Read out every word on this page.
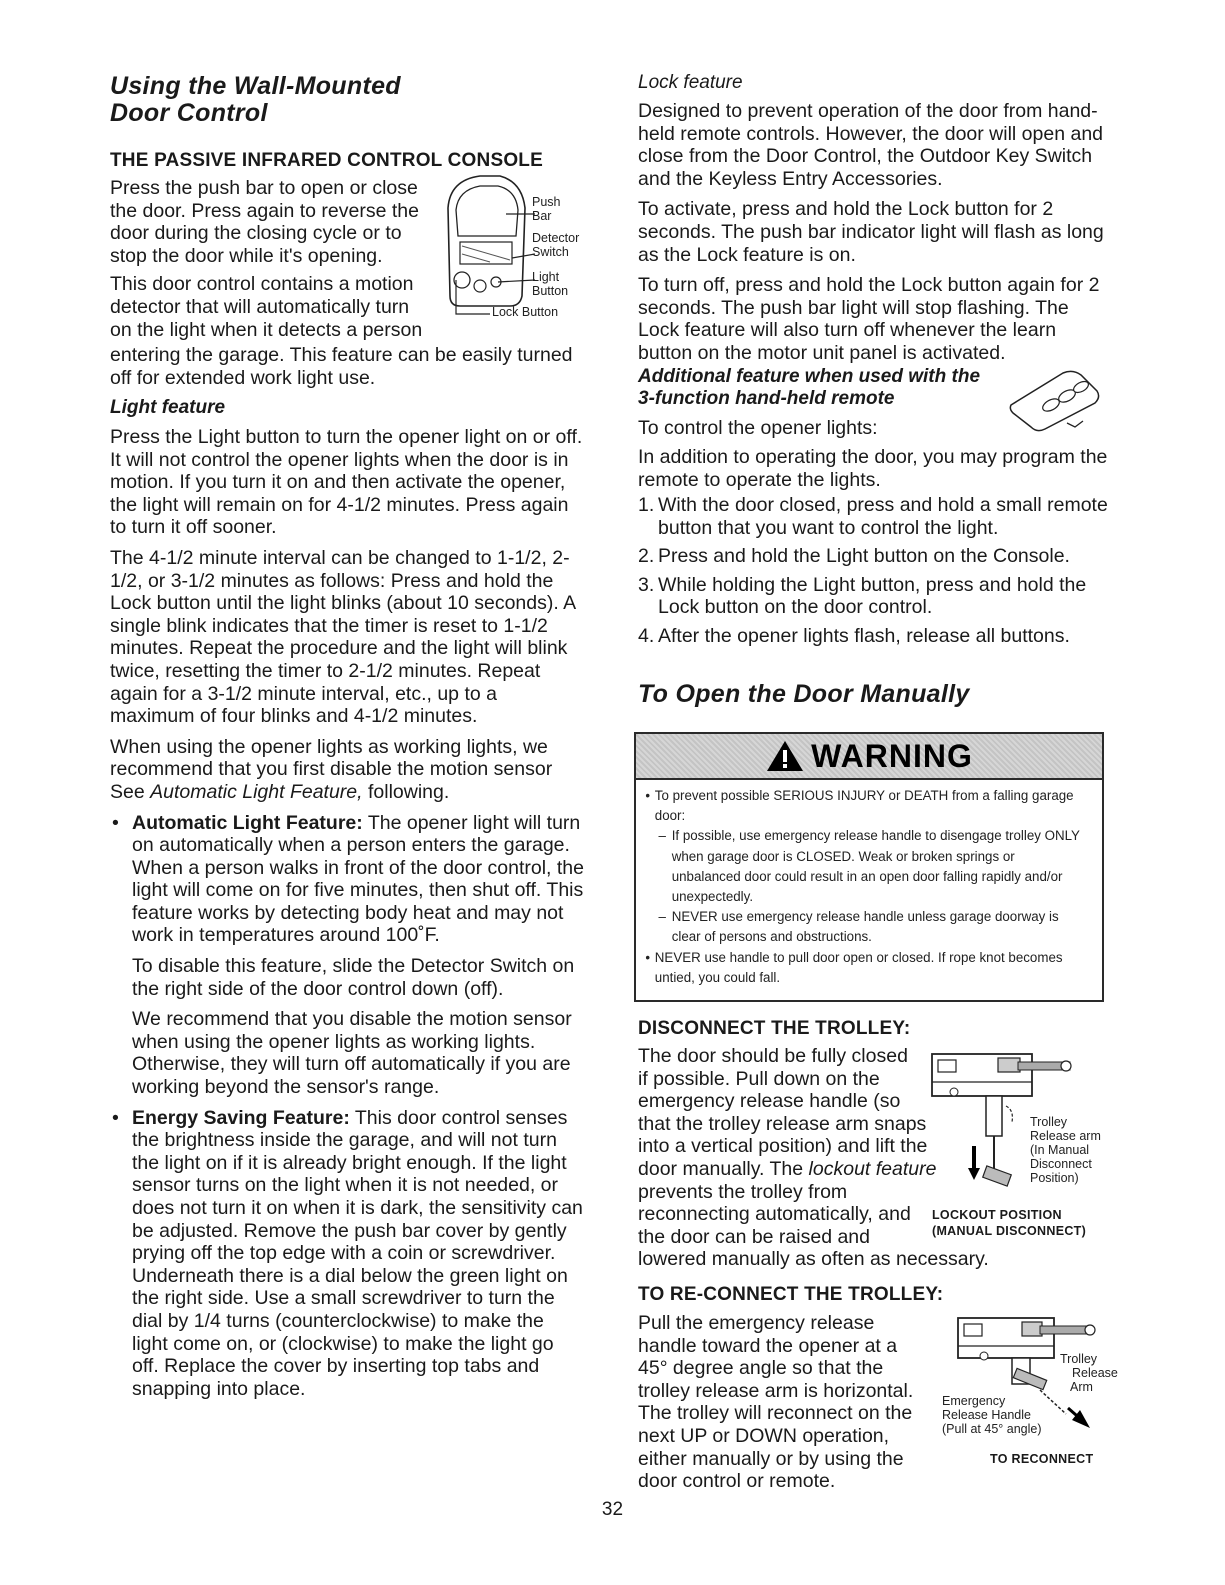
Using the Wall-Mounted
Door Control
THE PASSIVE INFRARED CONTROL CONSOLE
Press the push bar to open or close
the door. Press again to reverse the
door during the closing cycle or to
stop the door while it's opening.
This door control contains a motion
detector that will automatically turn
on the light when it detects a person
Push
Bar
Detector
Switch
Light
Button
Lock Button
entering the garage. This feature can be easily turned off for extended work light use.
Light feature

Press the Light button to turn the opener light on or off. It will not control the opener lights when the door is in motion. If you turn it on and then activate the opener, the light will remain on for 4-1/2 minutes. Press again to turn it off sooner.

The 4-1/2 minute interval can be changed to 1-1/2, 2-1/2, or 3-1/2 minutes as follows: Press and hold the Lock button until the light blinks (about 10 seconds). A single blink indicates that the timer is reset to 1-1/2 minutes. Repeat the procedure and the light will blink twice, resetting the timer to 2-1/2 minutes. Repeat again for a 3-1/2 minute interval, etc., up to a maximum of four blinks and 4-1/2 minutes.

When using the opener lights as working lights, we recommend that you first disable the motion sensor See Automatic Light Feature, following.

• Automatic Light Feature: The opener light will turn on automatically when a person enters the garage. When a person walks in front of the door control, the light will come on for five minutes, then shut off. This feature works by detecting body heat and may not work in temperatures around 100˚F.

To disable this feature, slide the Detector Switch on the right side of the door control down (off).

We recommend that you disable the motion sensor when using the opener lights as working lights. Otherwise, they will turn off automatically if you are working beyond the sensor's range.

• Energy Saving Feature: This door control senses the brightness inside the garage, and will not turn the light on if it is already bright enough. If the light sensor turns on the light when it is not needed, or does not turn it on when it is dark, the sensitivity can be adjusted. Remove the push bar cover by gently prying off the top edge with a coin or screwdriver. Underneath there is a dial below the green light on the right side. Use a small screwdriver to turn the dial by 1/4 turns (counterclockwise) to make the light come on, or (clockwise) to make the light go off. Replace the cover by inserting top tabs and snapping into place.
Lock feature

Designed to prevent operation of the door from hand-held remote controls. However, the door will open and close from the Door Control, the Outdoor Key Switch and the Keyless Entry Accessories.

To activate, press and hold the Lock button for 2 seconds. The push bar indicator light will flash as long as the Lock feature is on.

To turn off, press and hold the Lock button again for 2 seconds. The push bar light will stop flashing. The Lock feature will also turn off whenever the learn button on the motor unit panel is activated.

Additional feature when used with the
3-function hand-held remote
To control the opener lights:
In addition to operating the door, you may program the remote to operate the lights.
1. With the door closed, press and hold a small remote button that you want to control the light.
2. Press and hold the Light button on the Console.
3. While holding the Light button, press and hold the Lock button on the door control.
4. After the opener lights flash, release all buttons.
To Open the Door Manually
WARNING
• To prevent possible SERIOUS INJURY or DEATH from a falling garage door:
– If possible, use emergency release handle to disengage trolley ONLY when garage door is CLOSED. Weak or broken springs or unbalanced door could result in an open door falling rapidly and/or unexpectedly.
– NEVER use emergency release handle unless garage doorway is clear of persons and obstructions.
• NEVER use handle to pull door open or closed. If rope knot becomes untied, you could fall.
DISCONNECT THE TROLLEY:
The door should be fully closed
if possible. Pull down on the
emergency release handle (so
that the trolley release arm snaps
into a vertical position) and lift the
door manually. The lockout feature
prevents the trolley from
reconnecting automatically, and
the door can be raised and
lowered manually as often as necessary.
Trolley
Release arm
(In Manual
Disconnect
Position)
LOCKOUT POSITION
(MANUAL DISCONNECT)
TO RE-CONNECT THE TROLLEY:
Pull the emergency release
handle toward the opener at a
45° degree angle so that the
trolley release arm is horizontal.
The trolley will reconnect on the
next UP or DOWN operation,
either manually or by using the
door control or remote.
Trolley
Release
Arm
Emergency
Release Handle
(Pull at 45° angle)
TO RECONNECT
32
